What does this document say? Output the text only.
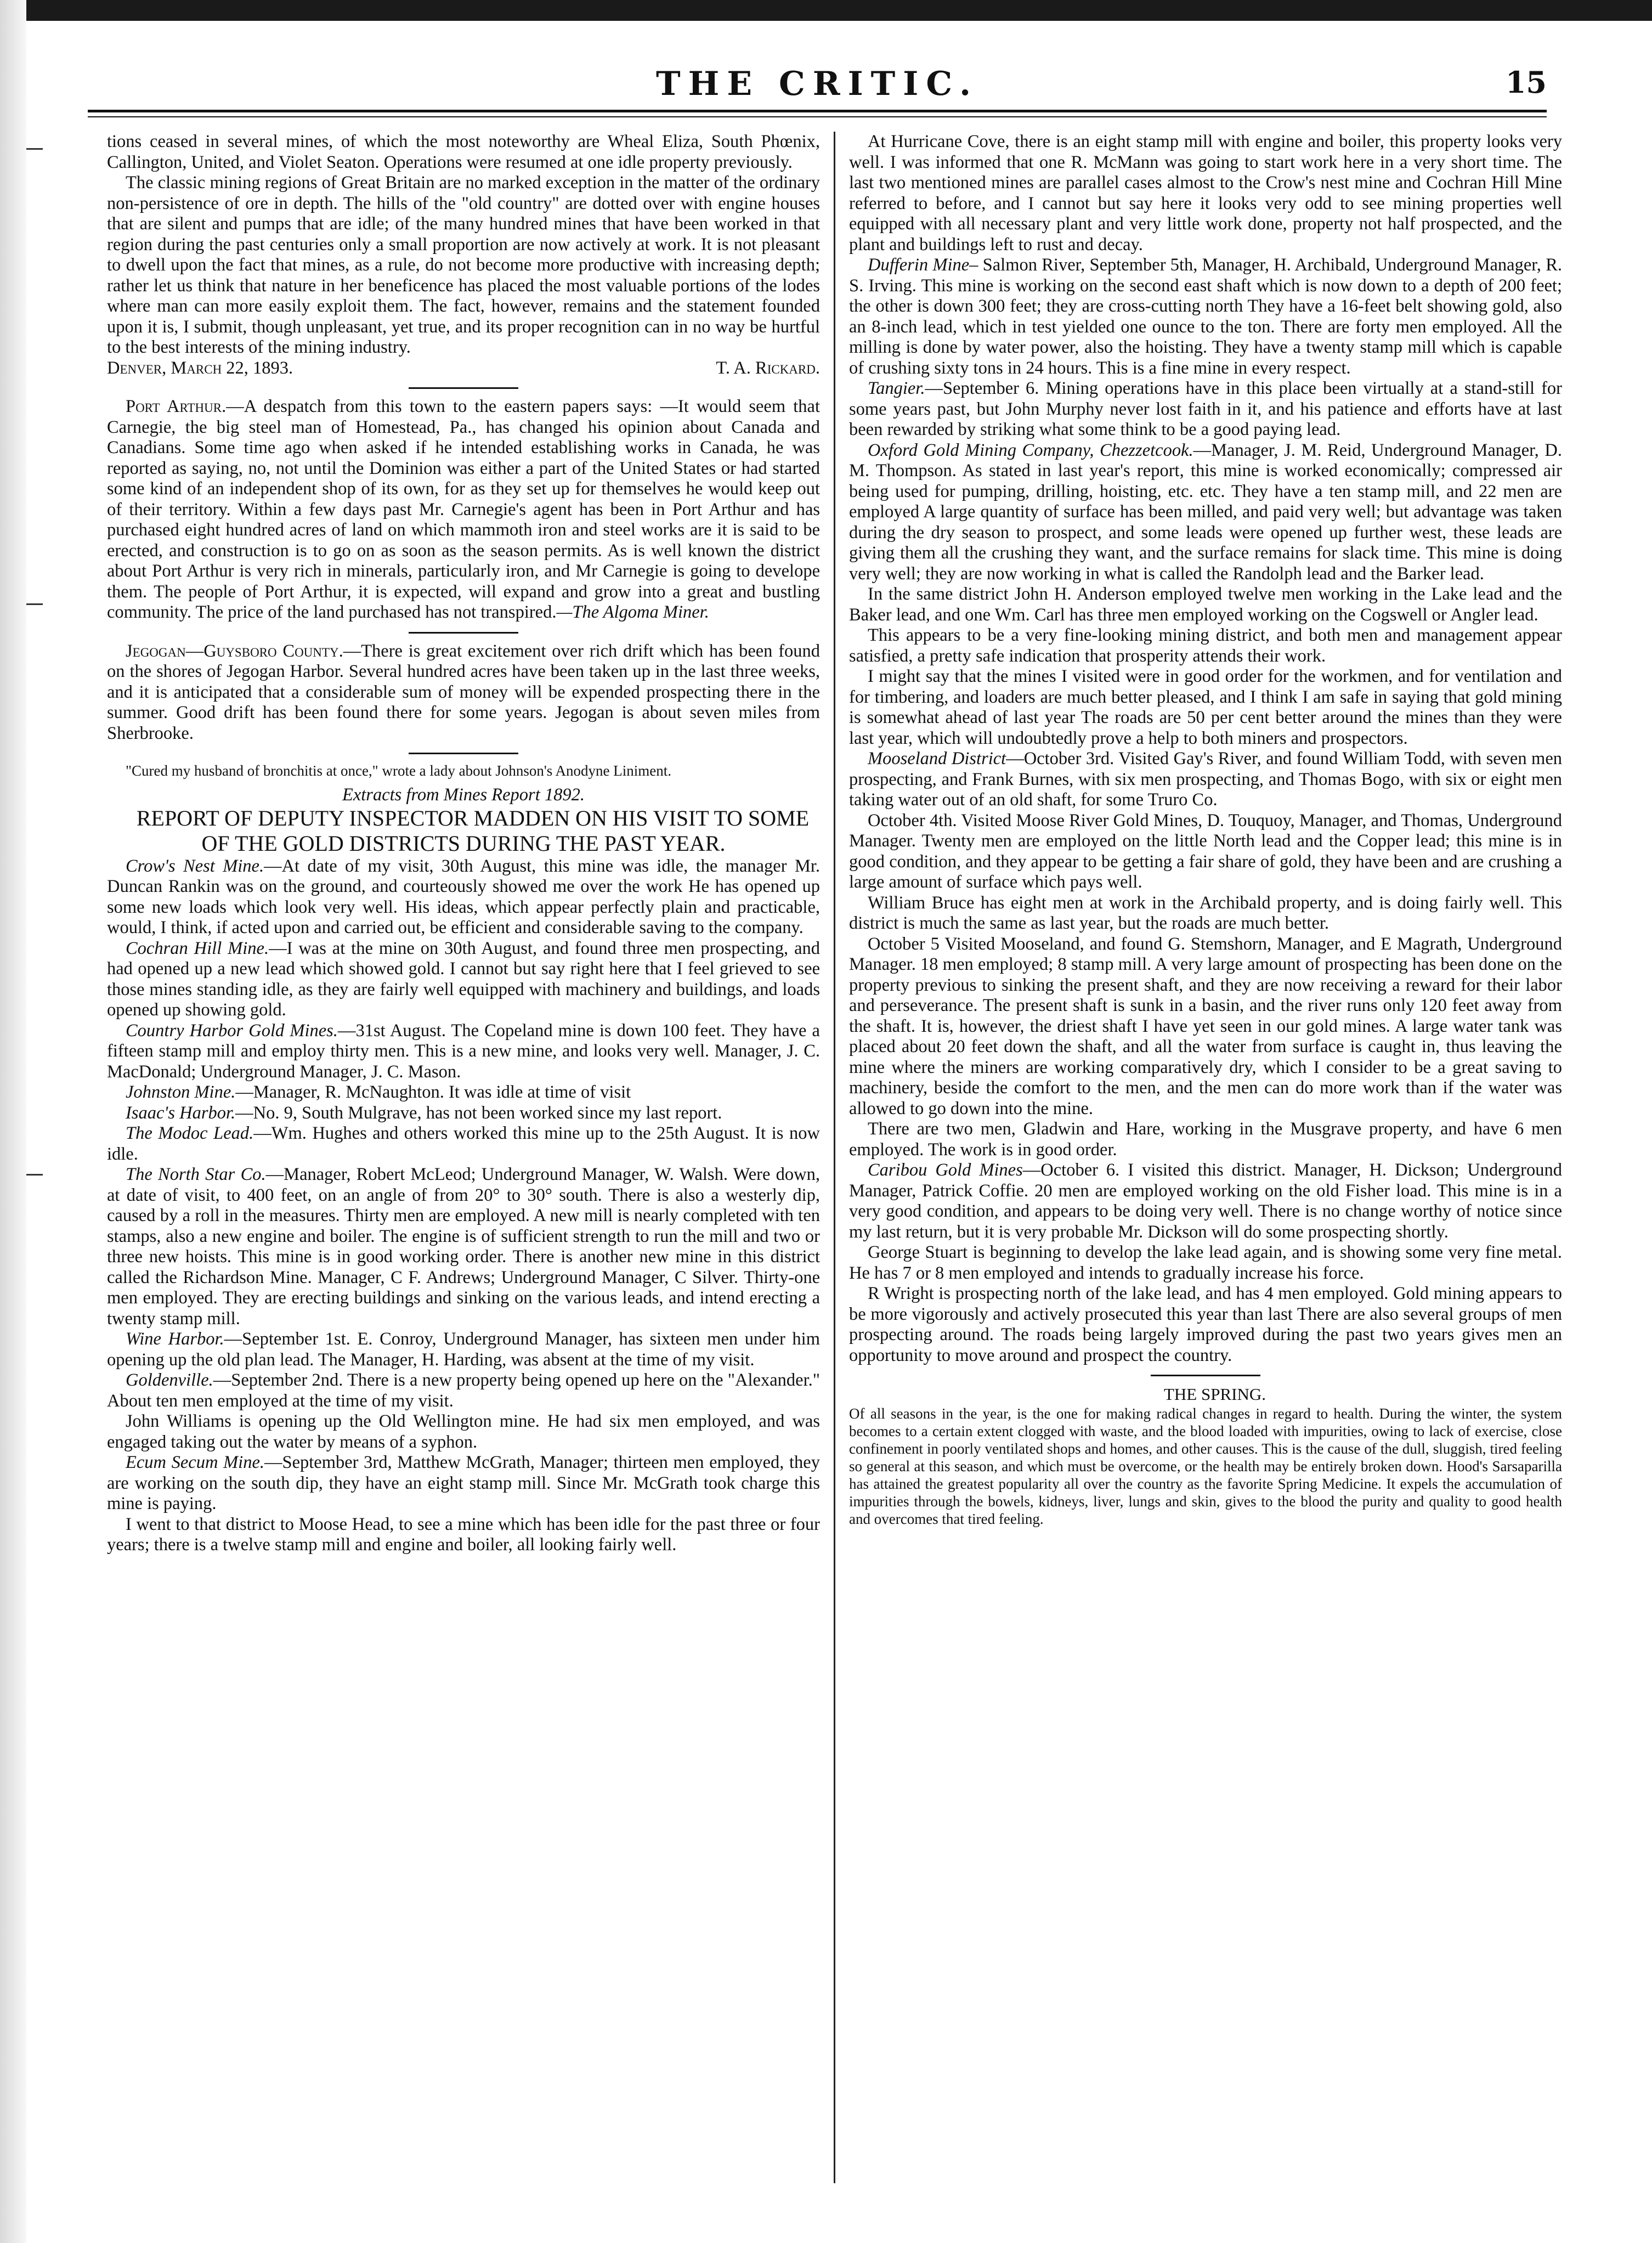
THE CRITIC.	15

tions ceased in several mines, of which the most noteworthy are Wheal Eliza, South Phœnix, Callington, United, and Violet Seaton. Operations were resumed at one idle property previously.

The classic mining regions of Great Britain are no marked exception in the matter of the ordinary non-persistence of ore in depth. The hills of the "old country" are dotted over with engine houses that are silent and pumps that are idle; of the many hundred mines that have been worked in that region during the past centuries only a small proportion are now actively at work. It is not pleasant to dwell upon the fact that mines, as a rule, do not become more productive with increasing depth; rather let us think that nature in her beneficence has placed the most valuable portions of the lodes where man can more easily exploit them. The fact, however, remains and the statement founded upon it is, I submit, though unpleasant, yet true, and its proper recognition can in no way be hurtful to the best interests of the mining industry.

Denver, March 22, 1893.	T. A. Rickard.

Port Arthur.—A despatch from this town to the eastern papers says: —It would seem that Carnegie, the big steel man of Homestead, Pa., has changed his opinion about Canada and Canadians. Some time ago when asked if he intended establishing works in Canada, he was reported as saying, no, not until the Dominion was either a part of the United States or had started some kind of an independent shop of its own, for as they set up for themselves he would keep out of their territory. Within a few days past Mr. Carnegie's agent has been in Port Arthur and has purchased eight hundred acres of land on which mammoth iron and steel works are it is said to be erected, and construction is to go on as soon as the season permits. As is well known the district about Port Arthur is very rich in minerals, particularly iron, and Mr Carnegie is going to develope them. The people of Port Arthur, it is expected, will expand and grow into a great and bustling community. The price of the land purchased has not transpired.—The Algoma Miner.

Jegogan—Guysboro County.—There is great excitement over rich drift which has been found on the shores of Jegogan Harbor. Several hundred acres have been taken up in the last three weeks, and it is anticipated that a considerable sum of money will be expended prospecting there in the summer. Good drift has been found there for some years. Jegogan is about seven miles from Sherbrooke.

"Cured my husband of bronchitis at once," wrote a lady about Johnson's Anodyne Liniment.

Extracts from Mines Report 1892.

REPORT OF DEPUTY INSPECTOR MADDEN ON HIS VISIT TO SOME OF THE GOLD DISTRICTS DURING THE PAST YEAR.

Crow's Nest Mine.—At date of my visit, 30th August, this mine was idle, the manager Mr. Duncan Rankin was on the ground, and courteously showed me over the work He has opened up some new loads which look very well. His ideas, which appear perfectly plain and practicable, would, I think, if acted upon and carried out, be efficient and considerable saving to the company.

Cochran Hill Mine.—I was at the mine on 30th August, and found three men prospecting, and had opened up a new lead which showed gold. I cannot but say right here that I feel grieved to see those mines standing idle, as they are fairly well equipped with machinery and buildings, and loads opened up showing gold.

Country Harbor Gold Mines.—31st August. The Copeland mine is down 100 feet. They have a fifteen stamp mill and employ thirty men. This is a new mine, and looks very well. Manager, J. C. MacDonald; Underground Manager, J. C. Mason.

Johnston Mine.—Manager, R. McNaughton. It was idle at time of visit

Isaac's Harbor.—No. 9, South Mulgrave, has not been worked since my last report.

The Modoc Lead.—Wm. Hughes and others worked this mine up to the 25th August. It is now idle.

The North Star Co.—Manager, Robert McLeod; Underground Manager, W. Walsh. Were down, at date of visit, to 400 feet, on an angle of from 20° to 30° south. There is also a westerly dip, caused by a roll in the measures. Thirty men are employed. A new mill is nearly completed with ten stamps, also a new engine and boiler. The engine is of sufficient strength to run the mill and two or three new hoists. This mine is in good working order. There is another new mine in this district called the Richardson Mine. Manager, C F. Andrews; Underground Manager, C Silver. Thirty-one men employed. They are erecting buildings and sinking on the various leads, and intend erecting a twenty stamp mill.

Wine Harbor.—September 1st. E. Conroy, Underground Manager, has sixteen men under him opening up the old plan lead. The Manager, H. Harding, was absent at the time of my visit.

Goldenville.—September 2nd. There is a new property being opened up here on the "Alexander." About ten men employed at the time of my visit.

John Williams is opening up the Old Wellington mine. He had six men employed, and was engaged taking out the water by means of a syphon.

Ecum Secum Mine.—September 3rd, Matthew McGrath, Manager; thirteen men employed, they are working on the south dip, they have an eight stamp mill. Since Mr. McGrath took charge this mine is paying.

I went to that district to Moose Head, to see a mine which has been idle for the past three or four years; there is a twelve stamp mill and engine and boiler, all looking fairly well.

At Hurricane Cove, there is an eight stamp mill with engine and boiler, this property looks very well. I was informed that one R. McMann was going to start work here in a very short time. The last two mentioned mines are parallel cases almost to the Crow's nest mine and Cochran Hill Mine referred to before, and I cannot but say here it looks very odd to see mining properties well equipped with all necessary plant and very little work done, property not half prospected, and the plant and buildings left to rust and decay.

Dufferin Mine– Salmon River, September 5th, Manager, H. Archibald, Underground Manager, R. S. Irving. This mine is working on the second east shaft which is now down to a depth of 200 feet; the other is down 300 feet; they are cross-cutting north They have a 16-feet belt showing gold, also an 8-inch lead, which in test yielded one ounce to the ton. There are forty men employed. All the milling is done by water power, also the hoisting. They have a twenty stamp mill which is capable of crushing sixty tons in 24 hours. This is a fine mine in every respect.

Tangier.—September 6. Mining operations have in this place been virtually at a stand-still for some years past, but John Murphy never lost faith in it, and his patience and efforts have at last been rewarded by striking what some think to be a good paying lead.

Oxford Gold Mining Company, Chezzetcook.—Manager, J. M. Reid, Underground Manager, D. M. Thompson. As stated in last year's report, this mine is worked economically; compressed air being used for pumping, drilling, hoisting, etc. etc. They have a ten stamp mill, and 22 men are employed A large quantity of surface has been milled, and paid very well; but advantage was taken during the dry season to prospect, and some leads were opened up further west, these leads are giving them all the crushing they want, and the surface remains for slack time. This mine is doing very well; they are now working in what is called the Randolph lead and the Barker lead.

In the same district John H. Anderson employed twelve men working in the Lake lead and the Baker lead, and one Wm. Carl has three men employed working on the Cogswell or Angler lead.

This appears to be a very fine-looking mining district, and both men and management appear satisfied, a pretty safe indication that prosperity attends their work.

I might say that the mines I visited were in good order for the workmen, and for ventilation and for timbering, and loaders are much better pleased, and I think I am safe in saying that gold mining is somewhat ahead of last year The roads are 50 per cent better around the mines than they were last year, which will undoubtedly prove a help to both miners and prospectors.

Mooseland District—October 3rd. Visited Gay's River, and found William Todd, with seven men prospecting, and Frank Burnes, with six men prospecting, and Thomas Bogo, with six or eight men taking water out of an old shaft, for some Truro Co.

October 4th. Visited Moose River Gold Mines, D. Touquoy, Manager, and Thomas, Underground Manager. Twenty men are employed on the little North lead and the Copper lead; this mine is in good condition, and they appear to be getting a fair share of gold, they have been and are crushing a large amount of surface which pays well.

William Bruce has eight men at work in the Archibald property, and is doing fairly well. This district is much the same as last year, but the roads are much better.

October 5 Visited Mooseland, and found G. Stemshorn, Manager, and E Magrath, Underground Manager. 18 men employed; 8 stamp mill. A very large amount of prospecting has been done on the property previous to sinking the present shaft, and they are now receiving a reward for their labor and perseverance. The present shaft is sunk in a basin, and the river runs only 120 feet away from the shaft. It is, however, the driest shaft I have yet seen in our gold mines. A large water tank was placed about 20 feet down the shaft, and all the water from surface is caught in, thus leaving the mine where the miners are working comparatively dry, which I consider to be a great saving to machinery, beside the comfort to the men, and the men can do more work than if the water was allowed to go down into the mine.

There are two men, Gladwin and Hare, working in the Musgrave property, and have 6 men employed. The work is in good order.

Caribou Gold Mines—October 6. I visited this district. Manager, H. Dickson; Underground Manager, Patrick Coffie. 20 men are employed working on the old Fisher load. This mine is in a very good condition, and appears to be doing very well. There is no change worthy of notice since my last return, but it is very probable Mr. Dickson will do some prospecting shortly.

George Stuart is beginning to develop the lake lead again, and is showing some very fine metal. He has 7 or 8 men employed and intends to gradually increase his force.

R Wright is prospecting north of the lake lead, and has 4 men employed. Gold mining appears to be more vigorously and actively prosecuted this year than last There are also several groups of men prospecting around. The roads being largely improved during the past two years gives men an opportunity to move around and prospect the country.

THE SPRING.

Of all seasons in the year, is the one for making radical changes in regard to health. During the winter, the system becomes to a certain extent clogged with waste, and the blood loaded with impurities, owing to lack of exercise, close confinement in poorly ventilated shops and homes, and other causes. This is the cause of the dull, sluggish, tired feeling so general at this season, and which must be overcome, or the health may be entirely broken down. Hood's Sarsaparilla has attained the greatest popularity all over the country as the favorite Spring Medicine. It expels the accumulation of impurities through the bowels, kidneys, liver, lungs and skin, gives to the blood the purity and quality to good health and overcomes that tired feeling.
